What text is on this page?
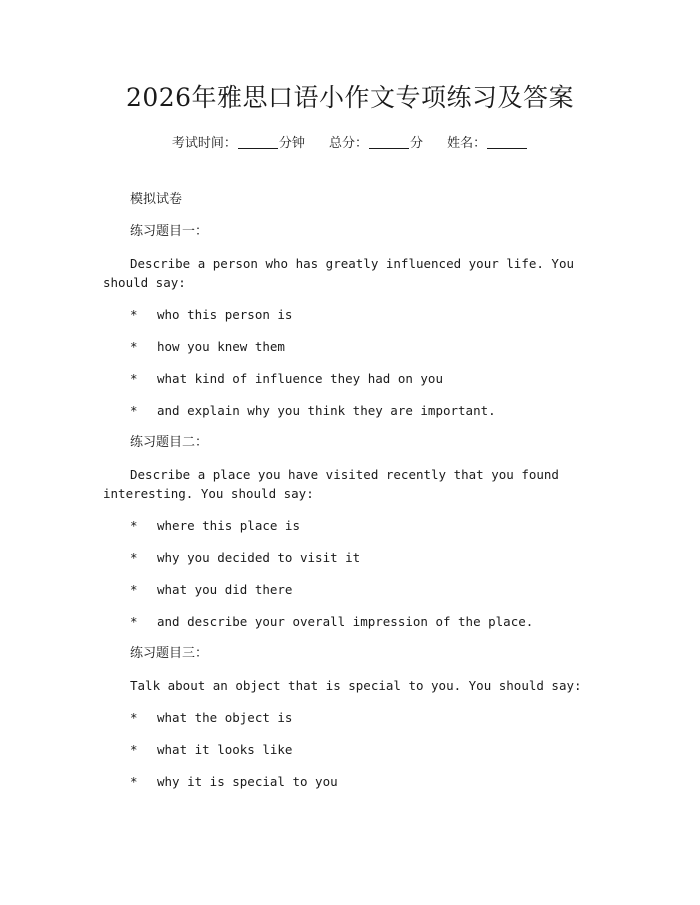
2026年雅思口语小作文专项练习及答案
考试时间：	分钟 总分：	分 姓名：
模拟试卷
练习题目一：
Describe a person who has greatly influenced your life. You should say:
* who this person is
* how you knew them
* what kind of influence they had on you
* and explain why you think they are important.
练习题目二：
Describe a place you have visited recently that you found interesting. You should say:
* where this place is
* why you decided to visit it
* what you did there
* and describe your overall impression of the place.
练习题目三：
Talk about an object that is special to you. You should say:
* what the object is
* what it looks like
* why it is special to you
